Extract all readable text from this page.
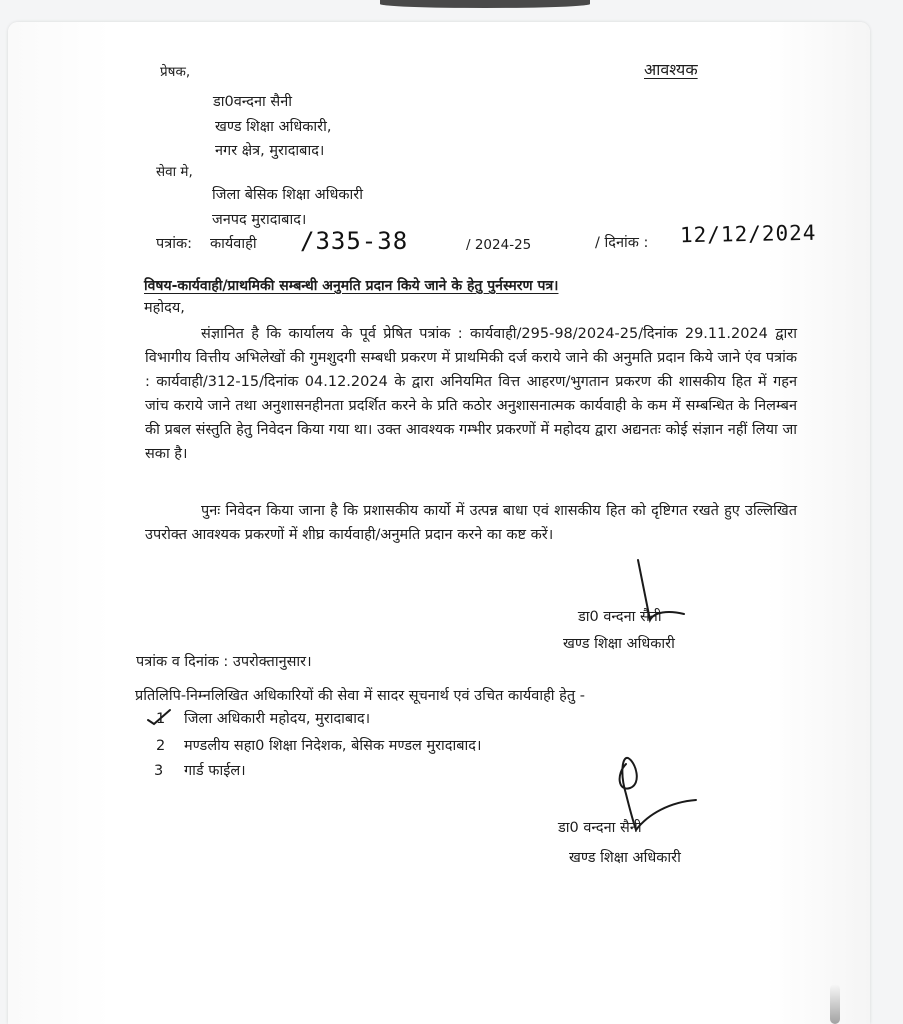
प्रेषक,	आवश्यक
डा0वन्दना सैनी
खण्ड शिक्षा अधिकारी,
नगर क्षेत्र, मुरादाबाद।
सेवा मे,
जिला बेसिक शिक्षा अधिकारी
जनपद मुरादाबाद।
पत्रांक: कार्यवाही /335-38	/ 2024-25	/ दिनांक : 12/12/2024
विषय-कार्यवाही/प्राथमिकी सम्बन्धी अनुमति प्रदान किये जाने के हेतु पुर्नस्मरण पत्र।
महोदय,
संज्ञानित है कि कार्यालय के पूर्व प्रेषित पत्रांक : कार्यवाही/295-98/2024-25/दिनांक 29.11.2024 द्वारा विभागीय वित्तीय अभिलेखों की गुमशुदगी सम्बधी प्रकरण में प्राथमिकी दर्ज कराये जाने की अनुमति प्रदान किये जाने एंव पत्रांक : कार्यवाही/312-15/दिनांक 04.12.2024 के द्वारा अनियमित वित्त आहरण/भुगतान प्रकरण की शासकीय हित में गहन जांच कराये जाने तथा अनुशासनहीनता प्रदर्शित करने के प्रति कठोर अनुशासनात्मक कार्यवाही के कम में सम्बन्धित के निलम्बन की प्रबल संस्तुति हेतु निवेदन किया गया था। उक्त आवश्यक गम्भीर प्रकरणों में महोदय द्वारा अद्यनतः कोई संज्ञान नहीं लिया जा सका है।
पुनः निवेदन किया जाना है कि प्रशासकीय कार्यो में उत्पन्न बाधा एवं शासकीय हित को दृष्टिगत रखते हुए उल्लिखित उपरोक्त आवश्यक प्रकरणों में शीघ्र कार्यवाही/अनुमति प्रदान करने का कष्ट करें।
डा0 वन्दना सैनी
खण्ड शिक्षा अधिकारी
पत्रांक व दिनांक : उपरोक्तानुसार।
प्रतिलिपि-निम्नलिखित अधिकारियों की सेवा में सादर सूचनार्थ एवं उचित कार्यवाही हेतु -
1 जिला अधिकारी महोदय, मुरादाबाद।
2 मण्डलीय सहा0 शिक्षा निदेशक, बेसिक मण्डल मुरादाबाद।
3 गार्ड फाईल।
डा0 वन्दना सैनी
खण्ड शिक्षा अधिकारी
